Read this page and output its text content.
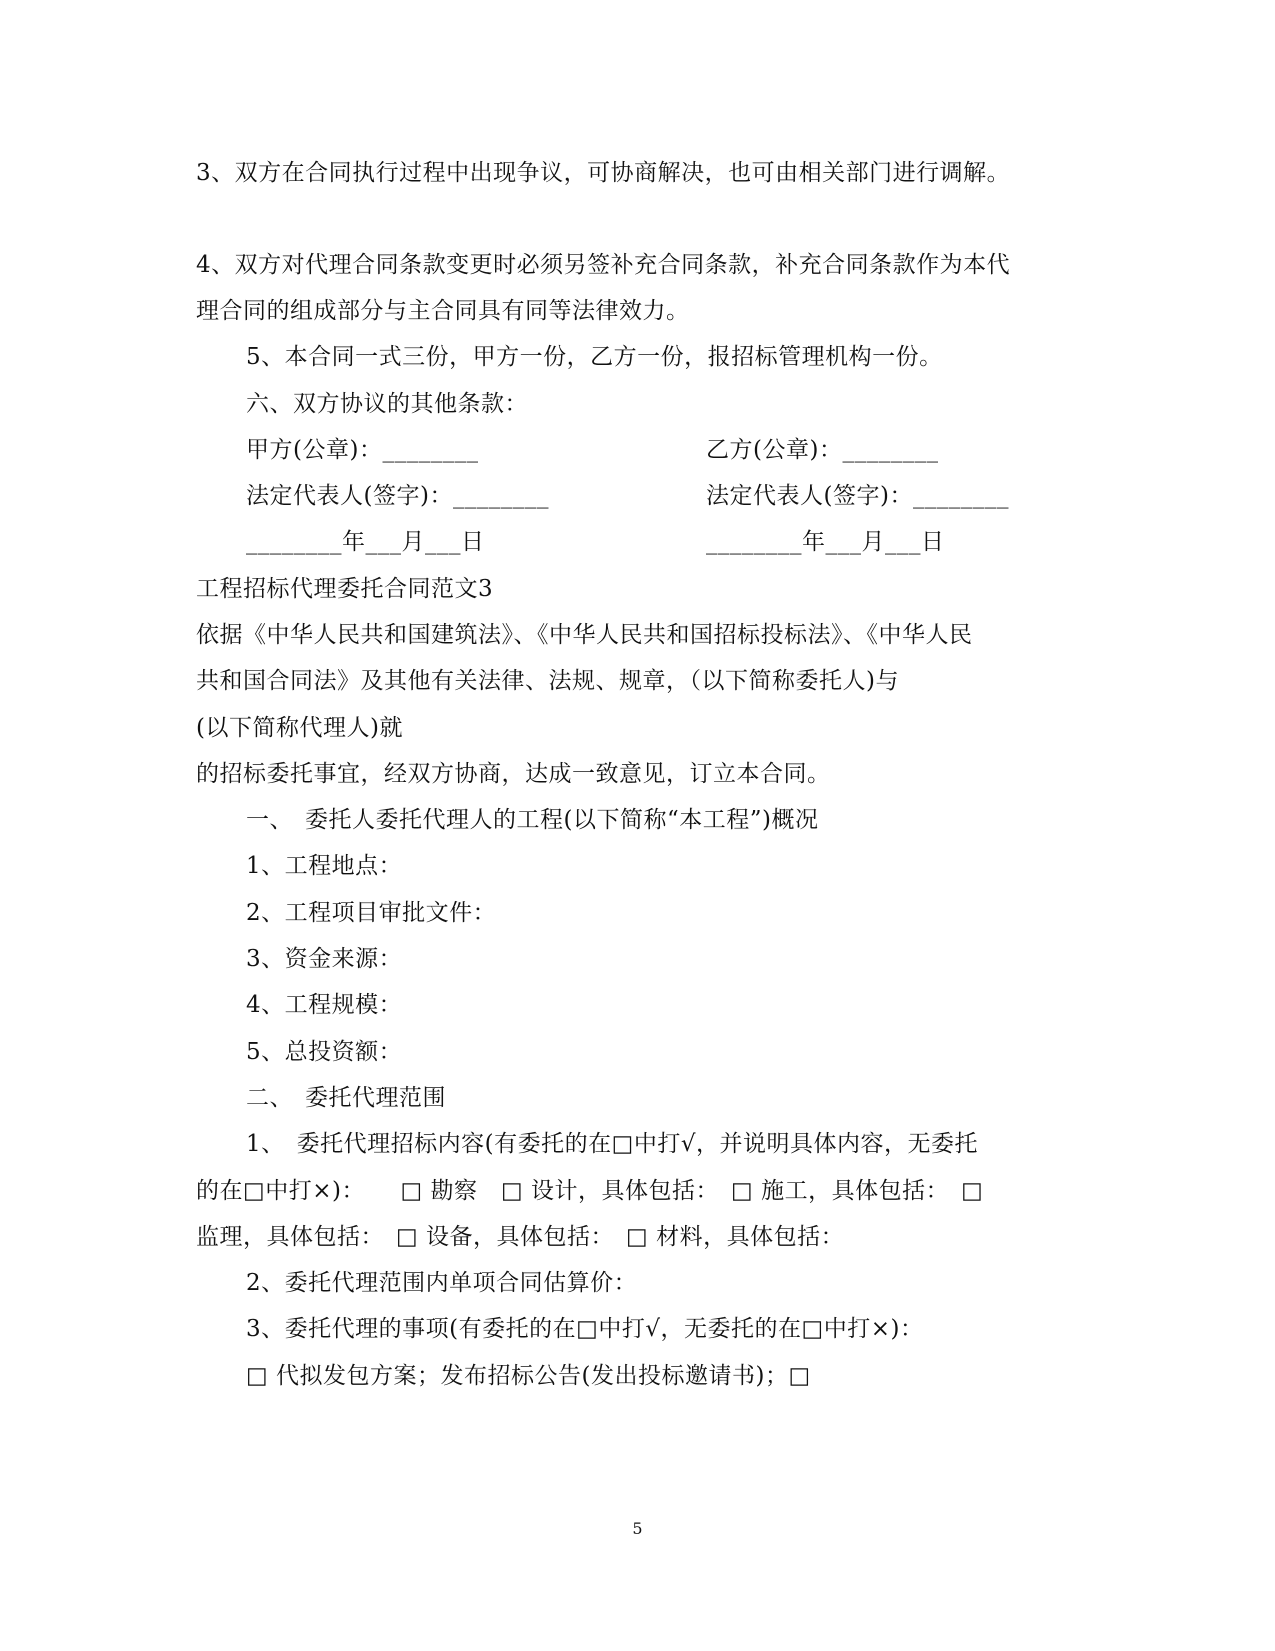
3、双方在合同执行过程中出现争议，可协商解决，也可由相关部门进行调解。
4、双方对代理合同条款变更时必须另签补充合同条款，补充合同条款作为本代
理合同的组成部分与主合同具有同等法律效力。
5、本合同一式三份，甲方一份，乙方一份，报招标管理机构一份。
六、双方协议的其他条款：
甲方(公章)：________	乙方(公章)：________
法定代表人(签字)：________	法定代表人(签字)：________
________年___月___日	________年___月___日
工程招标代理委托合同范文3
依据《中华人民共和国建筑法》、《中华人民共和国招标投标法》、《中华人民
共和国合同法》及其他有关法律、法规、规章，（以下简称委托人)与
(以下简称代理人)就
的招标委托事宜，经双方协商，达成一致意见，订立本合同。
一、　委托人委托代理人的工程(以下简称“本工程”)概况
1、工程地点：
2、工程项目审批文件：
3、资金来源：
4、工程规模：
5、总投资额：
二、　委托代理范围
1、　委托代理招标内容(有委托的在□中打√，并说明具体内容，无委托
的在□中打×)：　　□ 勘察　□ 设计，具体包括：　□ 施工，具体包括：　□
监理，具体包括：　□ 设备，具体包括：　□ 材料，具体包括：
2、委托代理范围内单项合同估算价：
3、委托代理的事项(有委托的在□中打√，无委托的在□中打×)：
□ 代拟发包方案；发布招标公告(发出投标邀请书)；□
5
